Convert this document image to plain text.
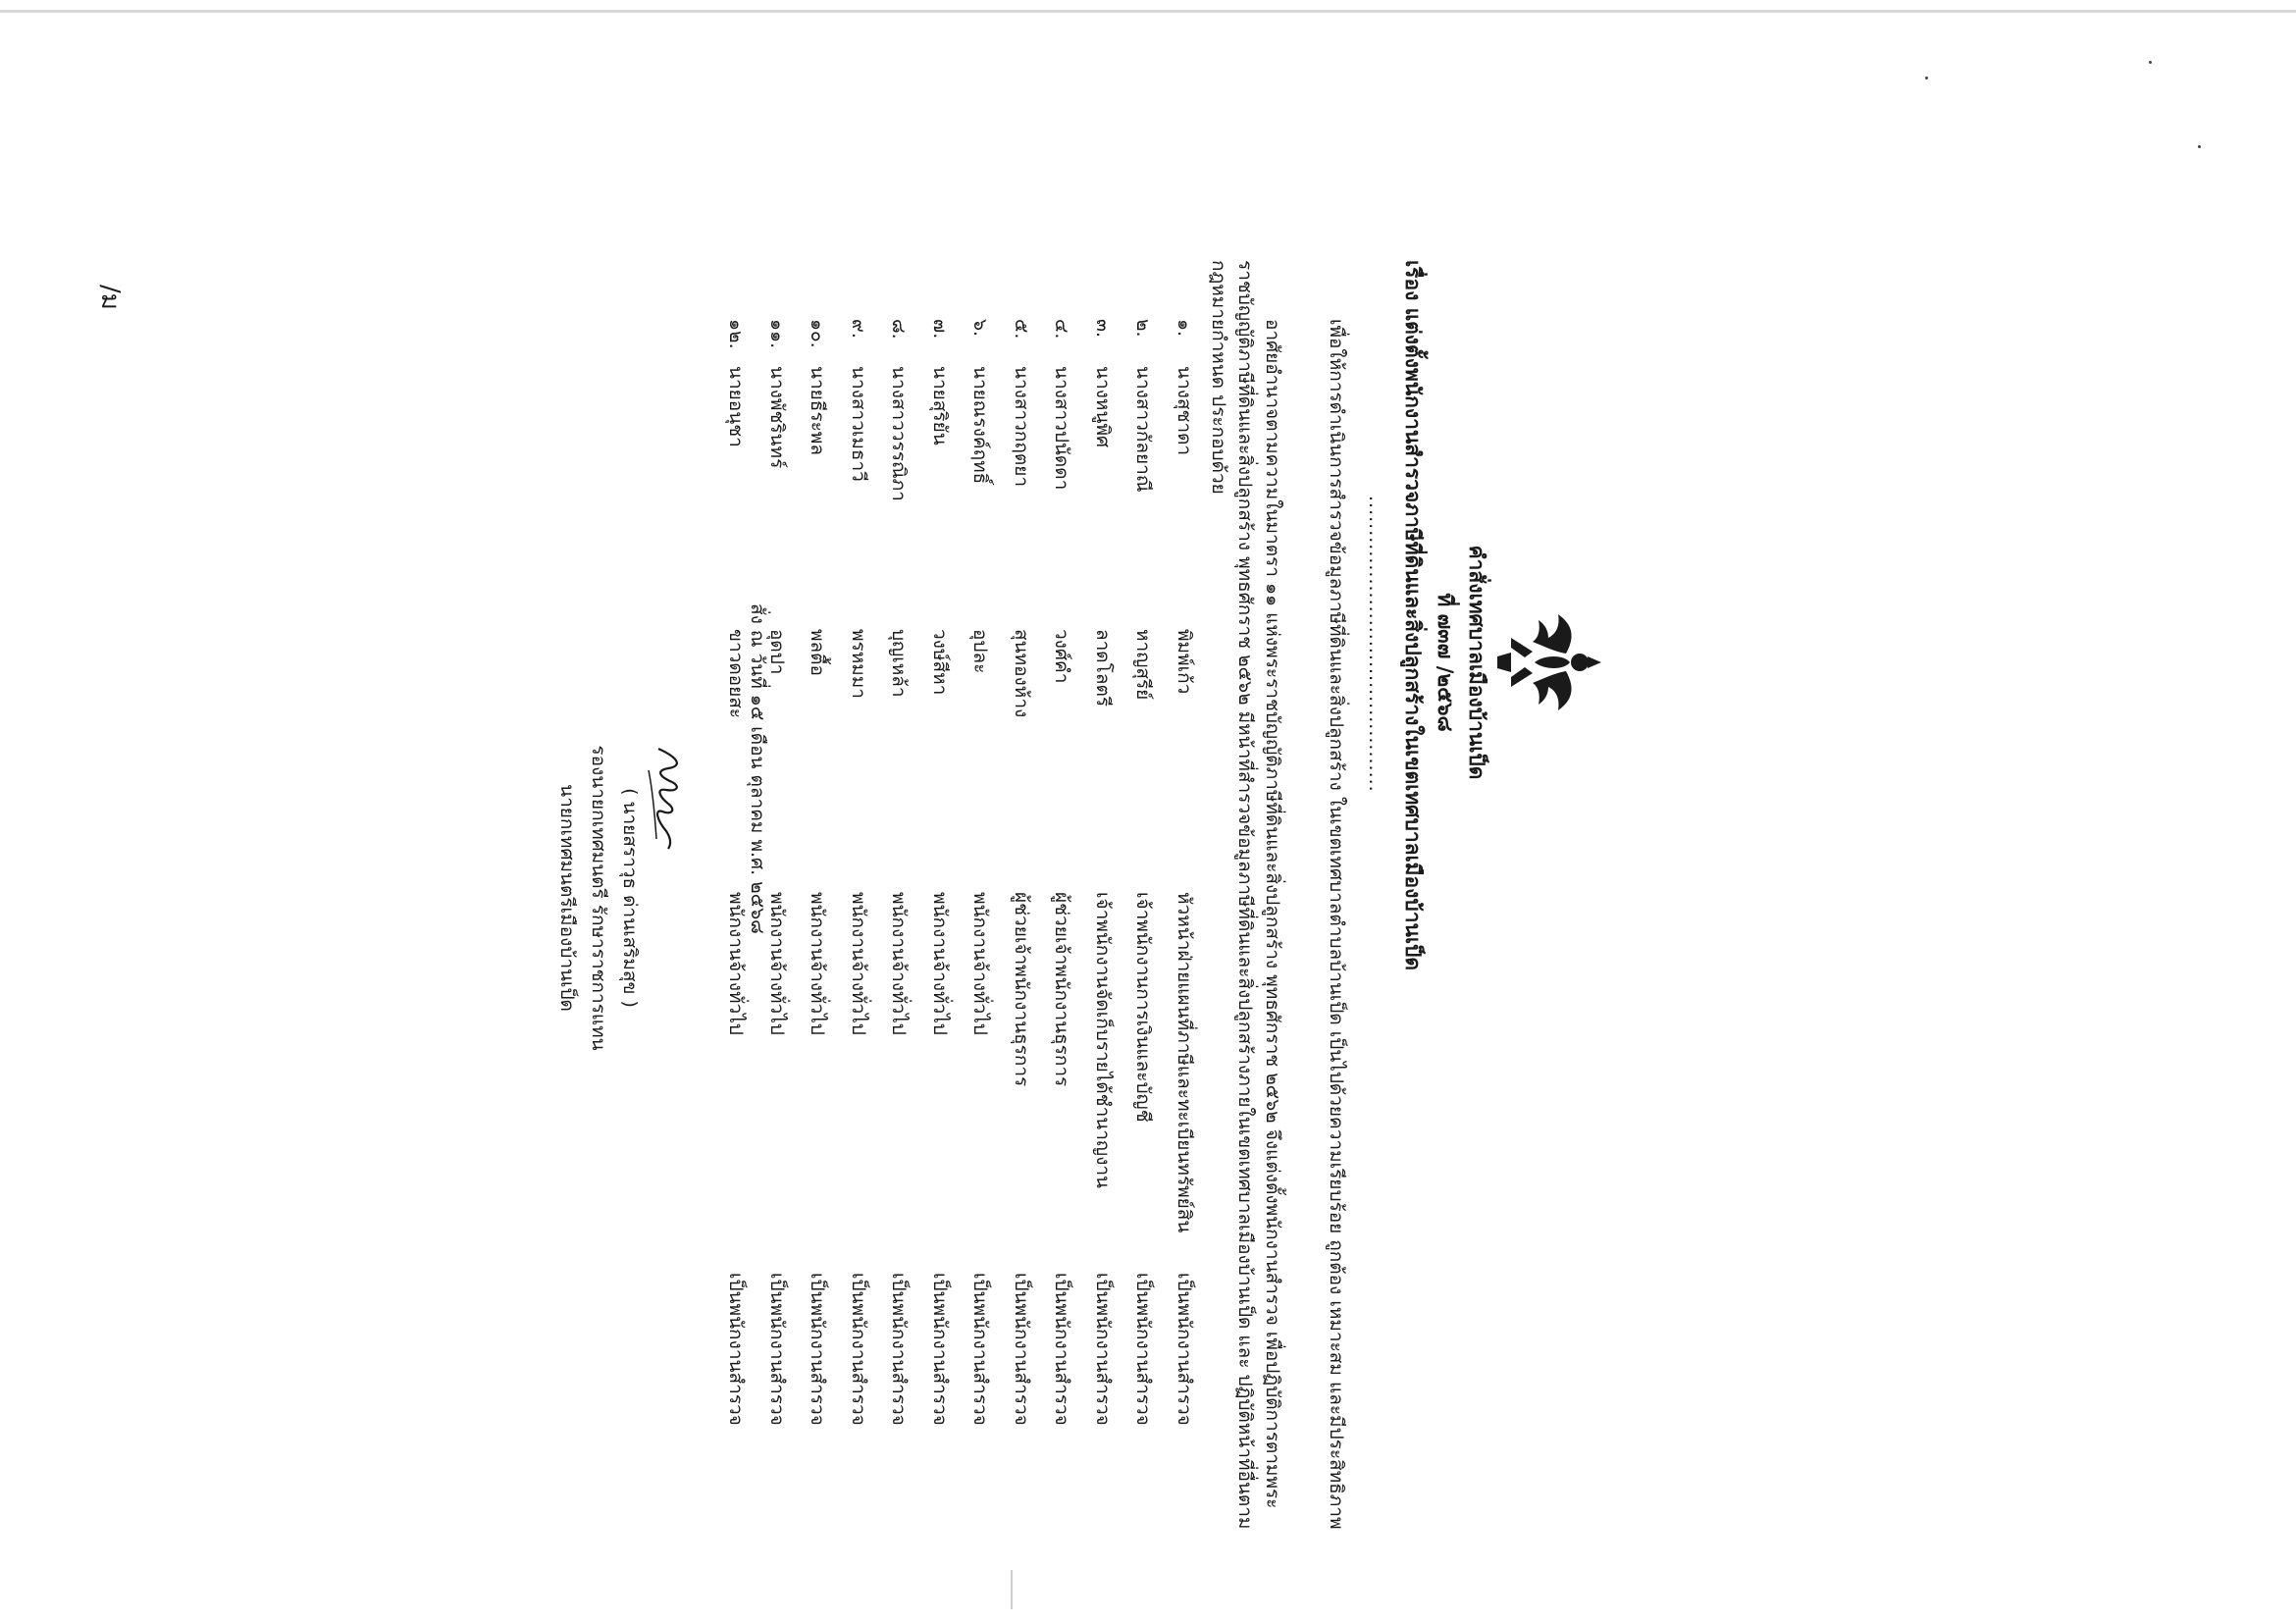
คำสั่งเทศบาลเมืองบ้านเป็ด
ที่ ๗๓๗ /๒๕๖๘
เรื่อง แต่งตั้งพนักงานสำรวจภาษีที่ดินและสิ่งปลูกสร้างในเขตเทศบาลเมืองบ้านเป็ด
...........................................
เพื่อให้การดำเนินการสำรวจข้อมูลภาษีที่ดินและสิ่งปลูกสร้าง ในเขตเทศบาลตำบลบ้านเป็ด เป็นไปด้วยความเรียบร้อย ถูกต้อง เหมาะสม และมีประสิทธิภาพ
อาศัยอำนาจตามความในมาตรา ๑๑ แห่งพระราชบัญญัติภาษีที่ดินและสิ่งปลูกสร้าง พุทธศักราช ๒๕๖๒ จึงแต่งตั้งพนักงานสำรวจ เพื่อปฏิบัติการตามพระราชบัญญัติภาษีที่ดินและสิ่งปลูกสร้าง พุทธศักราช ๒๕๖๒ มีหน้าที่สำรวจข้อมูลภาษีที่ดินและสิ่งปลูกสร้างภายในเขตเทศบาลเมืองบ้านเป็ด และ ปฏิบัติหน้าที่อื่นตามกฎหมายกำหนด ประกอบด้วย
๑.	นางสุชาดา	พิมพ์เก้ว	หัวหน้าฝ่ายแผนที่ภาษีและทะเบียนทรัพย์สิน	เป็นพนักงานสำรวจ
๒.	นางสาวกัลยาณี	หาญสุรีย์	เจ้าพนักงานการเงินและบัญชี	เป็นพนักงานสำรวจ
๓.	นางหนูพิศ	ลาดโลตรี	เจ้าพนักงานจัดเก็บรายได้ชำนาญงาน	เป็นพนักงานสำรวจ
๔.	นางสาวปนัดดา	วงศ์คำ	ผู้ช่วยเจ้าพนักงานธุรการ	เป็นพนักงานสำรวจ
๕.	นางสาวกฤตยา	สุนทองห้าง	ผู้ช่วยเจ้าพนักงานธุรการ	เป็นพนักงานสำรวจ
๖.	นายณรงค์ฤทธิ์	อุปละ	พนักงานจ้างทั่วไป	เป็นพนักงานสำรวจ
๗.	นายสุริยัน	วงษ์สีหา	พนักงานจ้างทั่วไป	เป็นพนักงานสำรวจ
๘.	นางสาววรรณิภา	บุญเหล้า	พนักงานจ้างทั่วไป	เป็นพนักงานสำรวจ
๙.	นางสาวเมธาวี	พรหมมา	พนักงานจ้างทั่วไป	เป็นพนักงานสำรวจ
๑๐.	นายธีระพล	พลตื้อ	พนักงานจ้างทั่วไป	เป็นพนักงานสำรวจ
๑๑.	นางพัชรินทร์	อุดปา	พนักงานจ้างทั่วไป	เป็นพนักงานสำรวจ
๑๒.	นายอนุชา	ขาวดอยสะ	พนักงานจ้างทั่วไป	เป็นพนักงานสำรวจ
สั่ง ณ วันที่ ๑๕ เดือน ตุลาคม พ.ศ. ๒๕๖๘
( นายสราวุธ ด่านเสริมสุข )
รองนายกเทศมนตรี รักษาราชการแทน
นายกเทศมนตรีเมืองบ้านเป็ด
/ม
